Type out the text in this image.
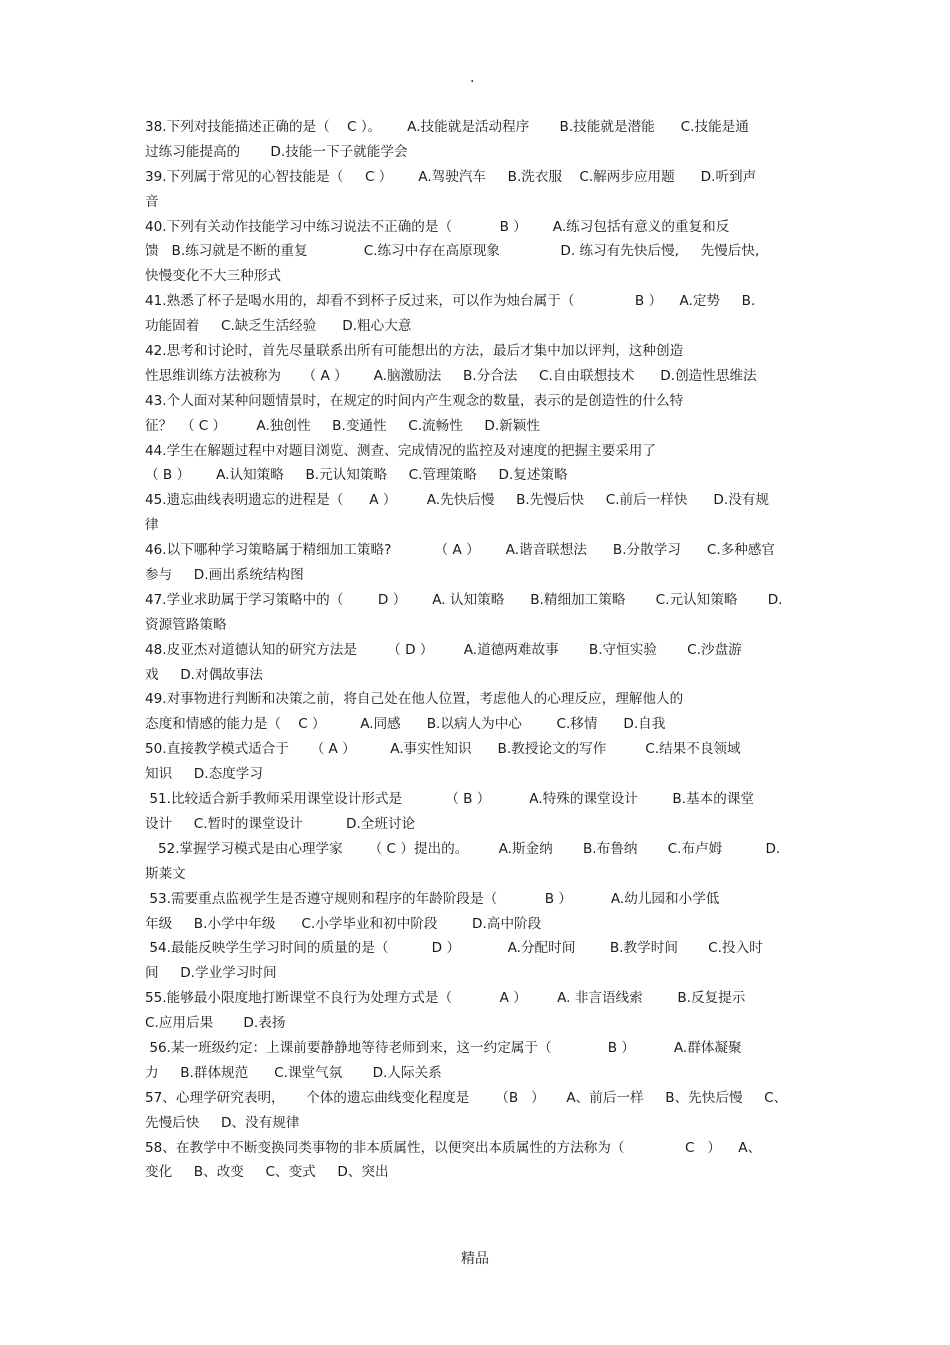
.
38.下列对技能描述正确的是（    C ）。      A.技能就是活动程序       B.技能就是潜能      C.技能是通
过练习能提高的       D.技能一下子就能学会
39.下列属于常见的心智技能是（     C ）      A.驾驶汽车     B.洗衣服    C.解两步应用题      D.听到声
音
40.下列有关动作技能学习中练习说法不正确的是（           B ）      A.练习包括有意义的重复和反
馈   B.练习就是不断的重复             C.练习中存在高原现象              D. 练习有先快后慢,     先慢后快,
快慢变化不大三种形式
41.熟悉了杯子是喝水用的，却看不到杯子反过来，可以作为烛台属于（              B ）    A.定势     B.
功能固着     C.缺乏生活经验      D.粗心大意
42.思考和讨论时，首先尽量联系出所有可能想出的方法，最后才集中加以评判，这种创造
性思维训练方法被称为     （ A ）      A.脑激励法     B.分合法     C.自由联想技术      D.创造性思维法
43.个人面对某种问题情景时，在规定的时间内产生观念的数量，表示的是创造性的什么特
征？  （ C ）       A.独创性     B.变通性     C.流畅性     D.新颖性
44.学生在解题过程中对题目浏览、测查、完成情况的监控及对速度的把握主要采用了
（ B ）      A.认知策略     B.元认知策略     C.管理策略     D.复述策略
45.遗忘曲线表明遗忘的进程是（      A ）       A.先快后慢     B.先慢后快     C.前后一样快      D.没有规
律
46.以下哪种学习策略属于精细加工策略?          （ A ）      A.谐音联想法      B.分散学习      C.多种感官
参与     D.画出系统结构图
47.学业求助属于学习策略中的（        D ）      A. 认知策略      B.精细加工策略       C.元认知策略       D.
资源管路策略
48.皮亚杰对道德认知的研究方法是       （ D ）       A.道德两难故事       B.守恒实验       C.沙盘游
戏     D.对偶故事法
49.对事物进行判断和决策之前，将自己处在他人位置，考虑他人的心理反应，理解他人的
态度和情感的能力是（    C ）        A.同感      B.以病人为中心        C.移情      D.自我
50.直接教学模式适合于     （ A ）        A.事实性知识      B.教授论文的写作         C.结果不良领域
知识     D.态度学习
51.比较适合新手教师采用课堂设计形式是          （ B ）         A.特殊的课堂设计        B.基本的课堂
设计     C.暂时的课堂设计          D.全班讨论
52.掌握学习模式是由心理学家      （ C ）提出的。       A.斯金纳       B.布鲁纳       C.布卢姆          D.
斯莱文
53.需要重点监视学生是否遵守规则和程序的年龄阶段是（           B ）         A.幼儿园和小学低
年级     B.小学中年级      C.小学毕业和初中阶段        D.高中阶段
54.最能反映学生学习时间的质量的是（          D ）           A.分配时间        B.教学时间       C.投入时
间     D.学业学习时间
55.能够最小限度地打断课堂不良行为处理方式是（           A ）       A. 非言语线索        B.反复提示
C.应用后果       D.表扬
56.某一班级约定：上课前要静静地等待老师到来，这一约定属于（             B ）         A.群体凝聚
力     B.群体规范      C.课堂气氛       D.人际关系
57、心理学研究表明，     个体的遗忘曲线变化程度是      （B   ）     A、前后一样     B、先快后慢     C、
先慢后快     D、没有规律
58、在教学中不断变换同类事物的非本质属性，以便突出本质属性的方法称为（              C   ）    A、
变化     B、改变     C、变式     D、突出
精品
